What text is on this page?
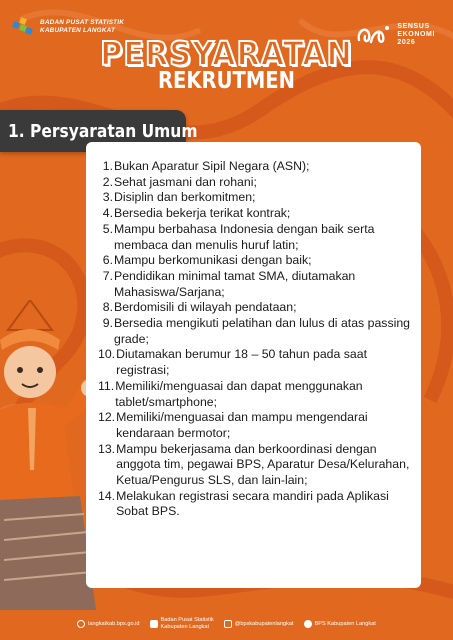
BADAN PUSAT STATISTIK
KABUPATEN LANGKAT
SENSUS
EKONOMI
2026
PERSYARATAN
REKRUTMEN
1. Persyaratan Umum
1. Bukan Aparatur Sipil Negara (ASN);
2. Sehat jasmani dan rohani;
3. Disiplin dan berkomitmen;
4. Bersedia bekerja terikat kontrak;
5. Mampu berbahasa Indonesia dengan baik serta membaca dan menulis huruf latin;
6. Mampu berkomunikasi dengan baik;
7. Pendidikan minimal tamat SMA, diutamakan Mahasiswa/Sarjana;
8. Berdomisili di wilayah pendataan;
9. Bersedia mengikuti pelatihan dan lulus di atas passing grade;
10. Diutamakan berumur 18 – 50 tahun pada saat registrasi;
11. Memiliki/menguasai dan dapat menggunakan tablet/smartphone;
12. Memiliki/menguasai dan mampu mengendarai kendaraan bermotor;
13. Mampu bekerjasama dan berkoordinasi dengan anggota tim, pegawai BPS, Aparatur Desa/Kelurahan, Ketua/Pengurus SLS, dan lain-lain;
14. Melakukan registrasi secara mandiri pada Aplikasi Sobat BPS.
langkatkab.bps.go.id
Badan Pusat Statistik
Kabupaten Langkat	@bpskabupatenlangkat	BPS Kabupaten Langkat
